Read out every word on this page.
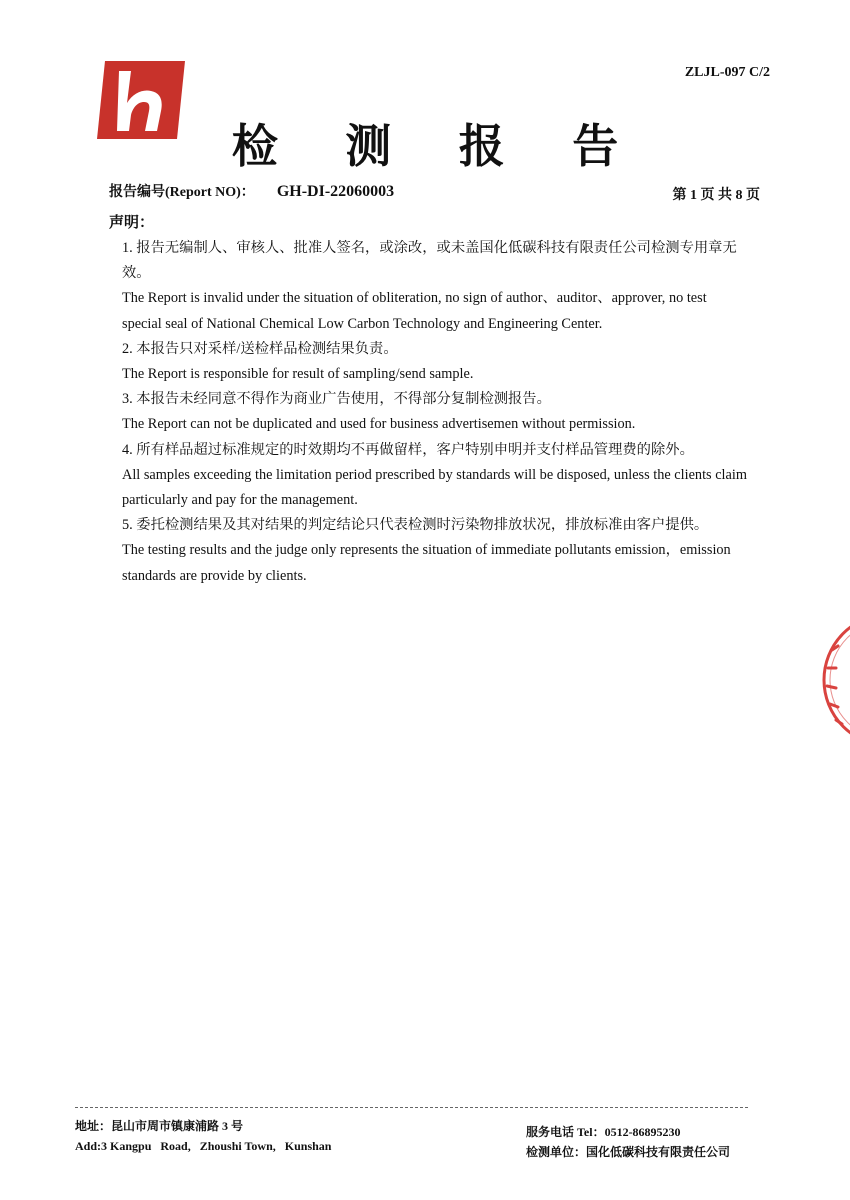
ZLJL-097 C/2
检 测 报 告
报告编号(Report NO)： GH-DI-22060003	第 1 页 共 8 页
声明：

1. 报告无编制人、审核人、批准人签名，或涂改，或未盖国化低碳科技有限责任公司检测专用章无效。

The Report is invalid under the situation of obliteration, no sign of author、auditor、approver, no test special seal of National Chemical Low Carbon Technology and Engineering Center.

2. 本报告只对采样/送检样品检测结果负责。

The Report is responsible for result of sampling/send sample.

3. 本报告未经同意不得作为商业广告使用，不得部分复制检测报告。

The Report can not be duplicated and used for business advertisemen without permission.

4. 所有样品超过标准规定的时效期均不再做留样，客户特别申明并支付样品管理费的除外。

All samples exceeding the limitation period prescribed by standards will be disposed, unless the clients claim particularly and pay for the management.

5. 委托检测结果及其对结果的判定结论只代表检测时污染物排放状况，排放标准由客户提供。

The testing results and the judge only represents the situation of immediate pollutants emission，emission standards are provide by clients.

地址：昆山市周市镇康浦路 3 号
Add:3 Kangpu   Road,   Zhoushi Town,   Kunshan
服务电话 Tel：0512-86895230
检测单位：国化低碳科技有限责任公司
